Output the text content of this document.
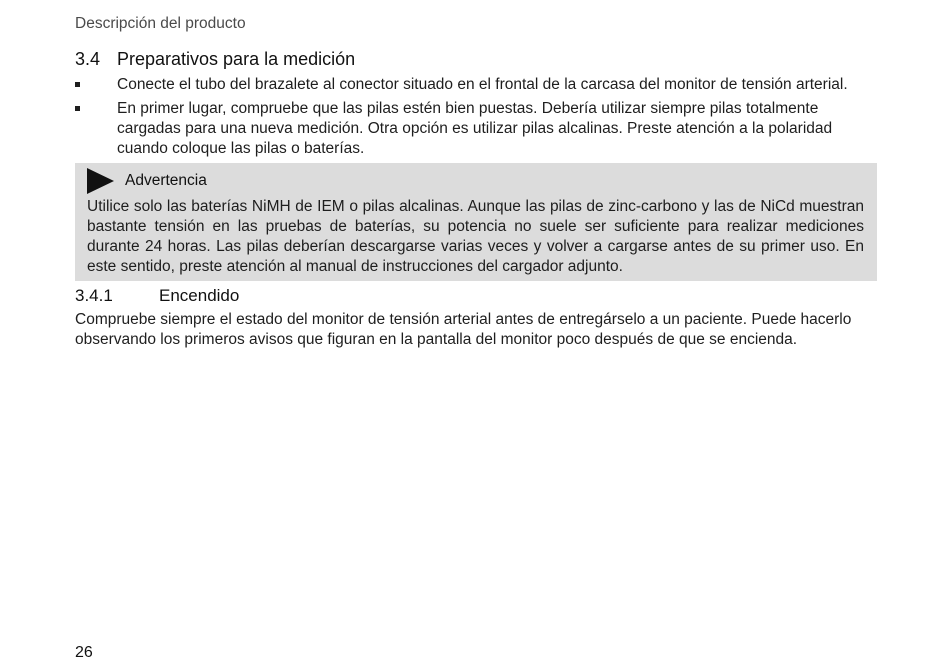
Descripción del producto
3.4 Preparativos para la medición
Conecte el tubo del brazalete al conector situado en el frontal de la carcasa del monitor de tensión arterial.
En primer lugar, compruebe que las pilas estén bien puestas. Debería utilizar siempre pilas totalmente cargadas para una nueva medición. Otra opción es utilizar pilas alcalinas. Preste atención a la polaridad cuando coloque las pilas o baterías.
Advertencia
Utilice solo las baterías NiMH de IEM o pilas alcalinas. Aunque las pilas de zinc-carbono y las de NiCd muestran bastante tensión en las pruebas de baterías, su potencia no suele ser suficiente para realizar mediciones durante 24 horas. Las pilas deberían descargarse varias veces y volver a cargarse antes de su primer uso. En este sentido, preste atención al manual de instrucciones del cargador adjunto.
3.4.1	Encendido
Compruebe siempre el estado del monitor de tensión arterial antes de entregárselo a un paciente. Puede hacerlo observando los primeros avisos que figuran en la pantalla del monitor poco después de que se encienda.
26
